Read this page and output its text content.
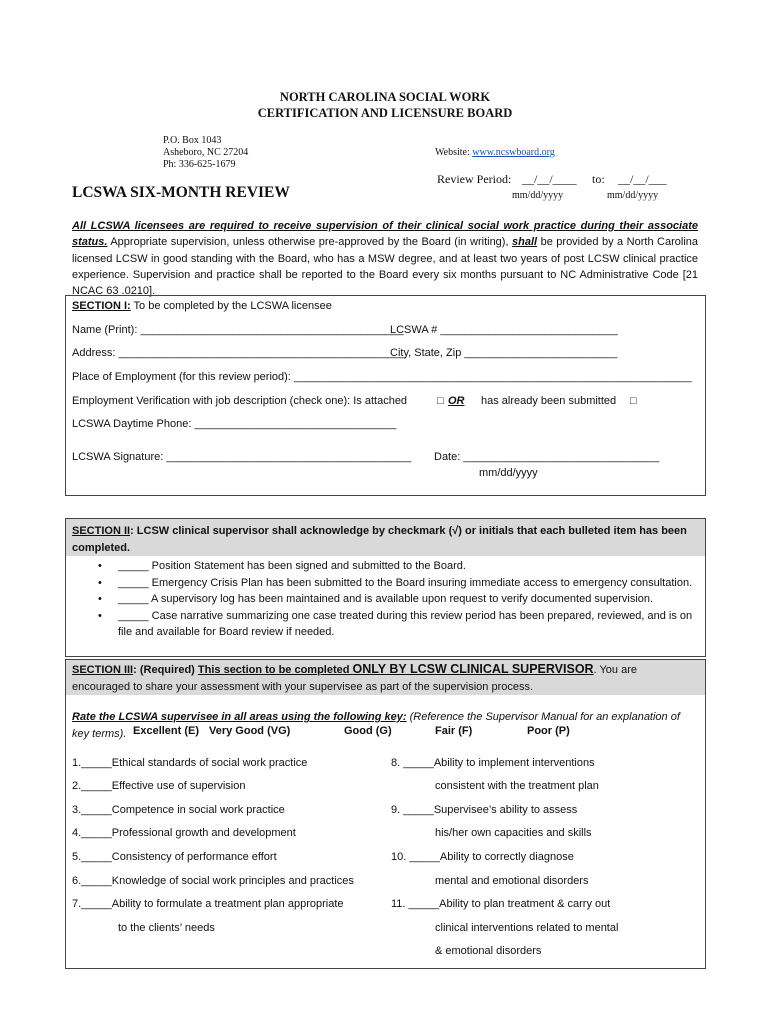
NORTH CAROLINA SOCIAL WORK
CERTIFICATION AND LICENSURE BOARD
P.O. Box 1043
Asheboro, NC 27204
Ph: 336-625-1679
Website: www.ncswboard.org
LCSWA SIX-MONTH REVIEW
Review Period: __/__/____ to: __/__/___
mm/dd/yyyy	mm/dd/yyyy
All LCSWA licensees are required to receive supervision of their clinical social work practice during their associate status. Appropriate supervision, unless otherwise pre-approved by the Board (in writing), shall be provided by a North Carolina licensed LCSW in good standing with the Board, who has a MSW degree, and at least two years of post LCSW clinical practice experience. Supervision and practice shall be reported to the Board every six months pursuant to NC Administrative Code [21 NCAC 63 .0210].
SECTION I: To be completed by the LCSWA licensee
Name (Print): ___________________________________________
LCSWA # _____________________________
Address: _______________________________________________
City, State, Zip _________________________
Place of Employment (for this review period): _________________________________________________________________
Employment Verification with job description (check one): Is attached	□ OR has already been submitted □
LCSWA Daytime Phone: _________________________________
LCSWA Signature: ________________________________________ Date: ________________________________
mm/dd/yyyy
SECTION II: LCSW clinical supervisor shall acknowledge by checkmark (√) or initials that each bulleted item has been completed.
• _____ Position Statement has been signed and submitted to the Board.
• _____ Emergency Crisis Plan has been submitted to the Board insuring immediate access to emergency consultation.
• _____ A supervisory log has been maintained and is available upon request to verify documented supervision.
• _____ Case narrative summarizing one case treated during this review period has been prepared, reviewed, and is on file and available for Board review if needed.
SECTION III: (Required) This section to be completed ONLY BY LCSW CLINICAL SUPERVISOR. You are encouraged to share your assessment with your supervisee as part of the supervision process.
Rate the LCSWA supervisee in all areas using the following key: (Reference the Supervisor Manual for an explanation of key terms). Excellent (E) Very Good (VG)	Good (G)	Fair (F)	Poor (P)
1._____Ethical standards of social work practice
2._____Effective use of supervision
3._____Competence in social work practice
4._____Professional growth and development
5._____Consistency of performance effort
6._____Knowledge of social work principles and practices
7._____Ability to formulate a treatment plan appropriate
to the clients’ needs
8. _____Ability to implement interventions
consistent with the treatment plan
9. _____Supervisee’s ability to assess
his/her own capacities and skills
10. _____Ability to correctly diagnose
mental and emotional disorders
11. _____Ability to plan treatment & carry out
clinical interventions related to mental
& emotional disorders
